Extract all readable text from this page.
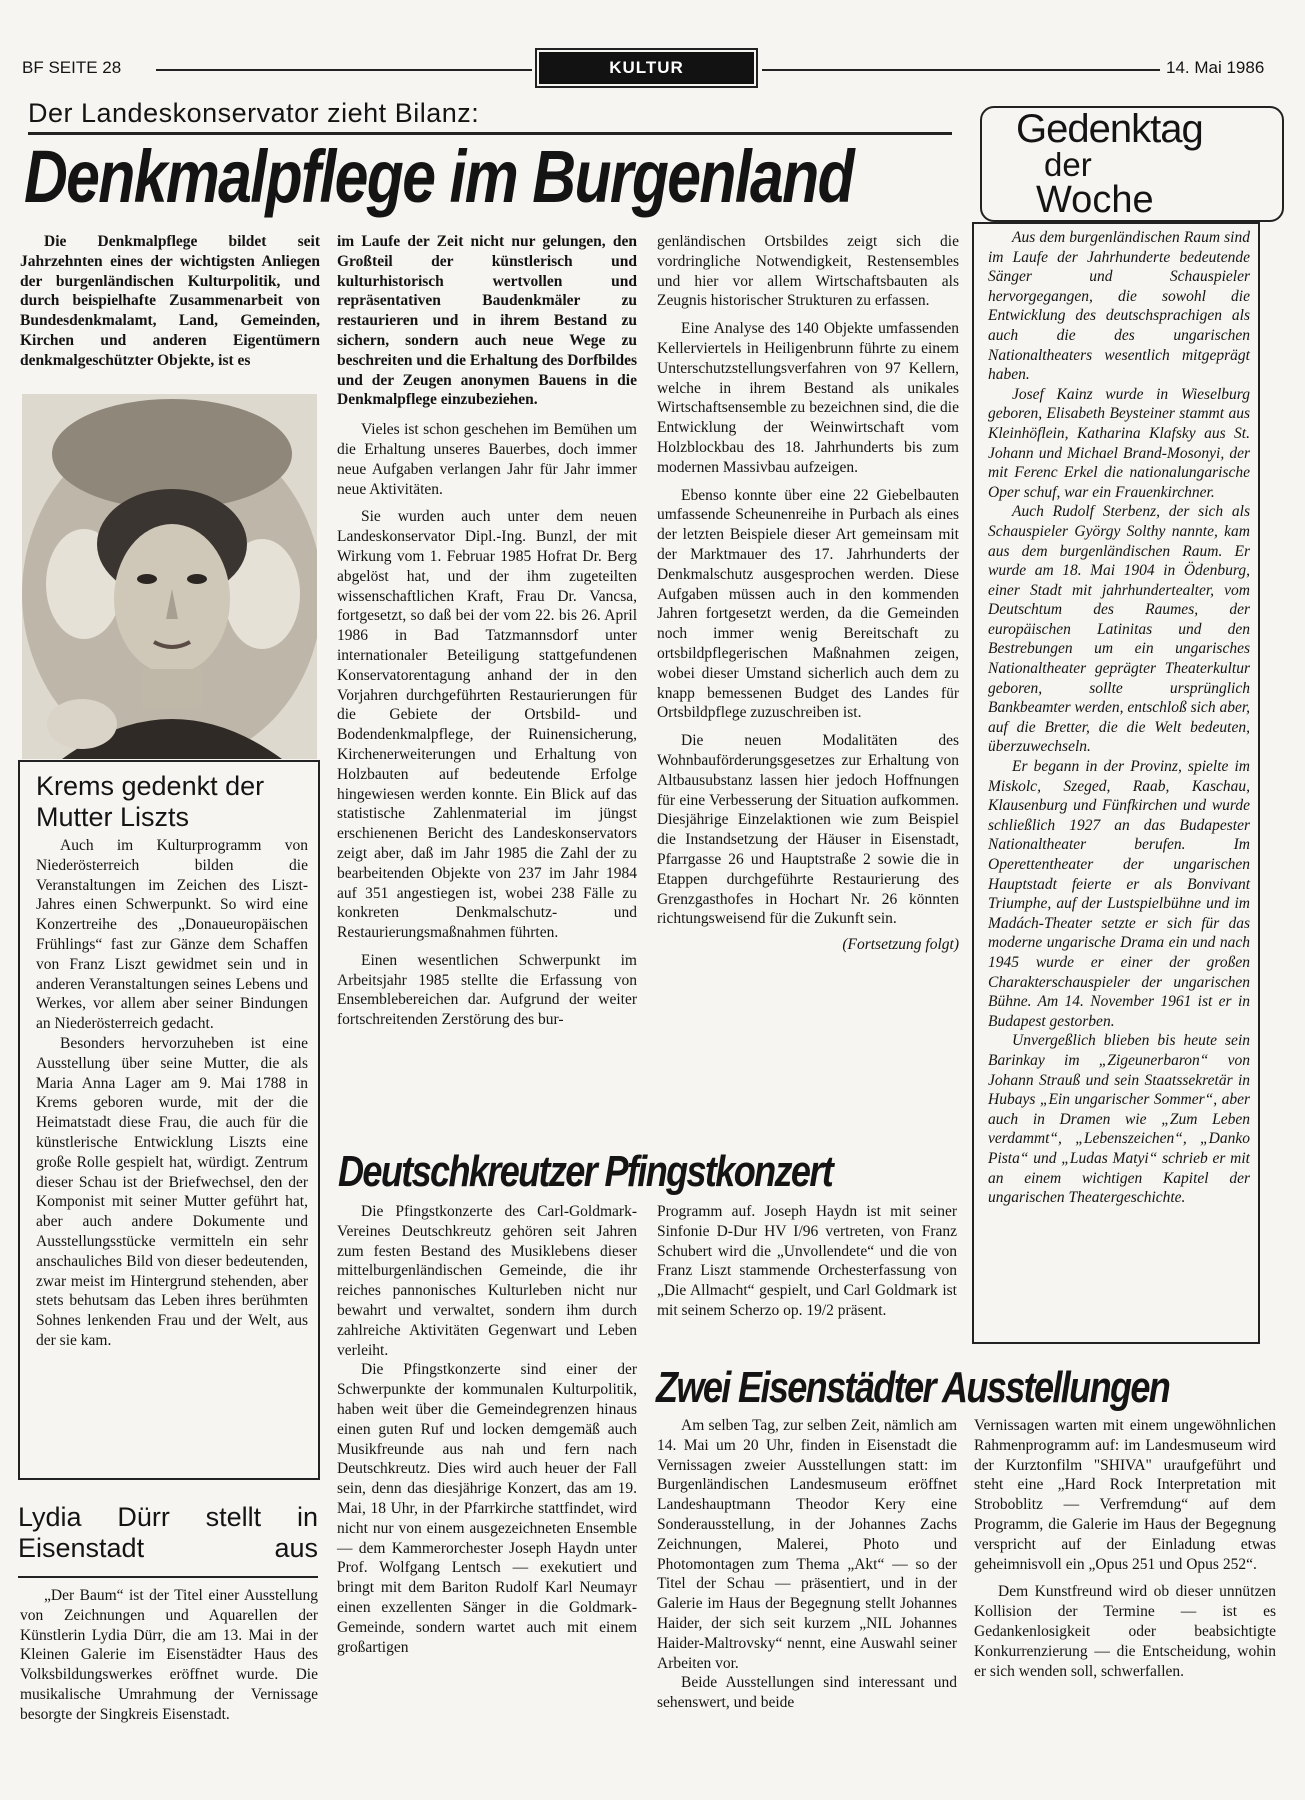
BF SEITE 28	KULTUR	14. Mai 1986
Der Landeskonservator zieht Bilanz:
Denkmalpflege im Burgenland

Die Denkmalpflege bildet seit Jahrzehnten eines der wichtigsten Anliegen der burgenländischen Kulturpolitik, und durch beispielhafte Zusammenarbeit von Bundesdenkmalamt, Land, Gemeinden, Kirchen und anderen Eigentümern denkmalgeschützter Objekte, ist es

Krems gedenkt der Mutter Liszts

Auch im Kulturprogramm von Niederösterreich bilden die Veranstaltungen im Zeichen des Liszt-Jahres einen Schwerpunkt. So wird eine Konzertreihe des „Donaueuropäischen Frühlings“ fast zur Gänze dem Schaffen von Franz Liszt gewidmet sein und in anderen Veranstaltungen seines Lebens und Werkes, vor allem aber seiner Bindungen an Niederösterreich gedacht.

Besonders hervorzuheben ist eine Ausstellung über seine Mutter, die als Maria Anna Lager am 9. Mai 1788 in Krems geboren wurde, mit der die Heimatstadt diese Frau, die auch für die künstlerische Entwicklung Liszts eine große Rolle gespielt hat, würdigt. Zentrum dieser Schau ist der Briefwechsel, den der Komponist mit seiner Mutter geführt hat, aber auch andere Dokumente und Ausstellungsstücke vermitteln ein sehr anschauliches Bild von dieser bedeutenden, zwar meist im Hintergrund stehenden, aber stets behutsam das Leben ihres berühmten Sohnes lenkenden Frau und der Welt, aus der sie kam.

Lydia Dürr stellt in Eisenstadt aus

„Der Baum“ ist der Titel einer Ausstellung von Zeichnungen und Aquarellen der Künstlerin Lydia Dürr, die am 13. Mai in der Kleinen Galerie im Eisenstädter Haus des Volksbildungswerkes eröffnet wurde. Die musikalische Umrahmung der Vernissage besorgte der Singkreis Eisenstadt.

im Laufe der Zeit nicht nur gelungen, den Großteil der künstlerisch und kulturhistorisch wertvollen und repräsentativen Baudenkmäler zu restaurieren und in ihrem Bestand zu sichern, sondern auch neue Wege zu beschreiten und die Erhaltung des Dorfbildes und der Zeugen anonymen Bauens in die Denkmalpflege einzubeziehen.

Vieles ist schon geschehen im Bemühen um die Erhaltung unseres Bauerbes, doch immer neue Aufgaben verlangen Jahr für Jahr immer neue Aktivitäten.

Sie wurden auch unter dem neuen Landeskonservator Dipl.-Ing. Bunzl, der mit Wirkung vom 1. Februar 1985 Hofrat Dr. Berg abgelöst hat, und der ihm zugeteilten wissenschaftlichen Kraft, Frau Dr. Vancsa, fortgesetzt, so daß bei der vom 22. bis 26. April 1986 in Bad Tatzmannsdorf unter internationaler Beteiligung stattgefundenen Konservatorentagung anhand der in den Vorjahren durchgeführten Restaurierungen für die Gebiete der Ortsbild- und Bodendenkmalpflege, der Ruinensicherung, Kirchenerweiterungen und Erhaltung von Holzbauten auf bedeutende Erfolge hingewiesen werden konnte. Ein Blick auf das statistische Zahlenmaterial im jüngst erschienenen Bericht des Landeskonservators zeigt aber, daß im Jahr 1985 die Zahl der zu bearbeitenden Objekte von 237 im Jahr 1984 auf 351 angestiegen ist, wobei 238 Fälle zu konkreten Denkmalschutz- und Restaurierungsmaßnahmen führten.

Einen wesentlichen Schwerpunkt im Arbeitsjahr 1985 stellte die Erfassung von Ensemblebereichen dar. Aufgrund der weiter fortschreitenden Zerstörung des bur-

genländischen Ortsbildes zeigt sich die vordringliche Notwendigkeit, Restensembles und hier vor allem Wirtschaftsbauten als Zeugnis historischer Strukturen zu erfassen.

Eine Analyse des 140 Objekte umfassenden Kellerviertels in Heiligenbrunn führte zu einem Unterschutzstellungsverfahren von 97 Kellern, welche in ihrem Bestand als unikales Wirtschaftsensemble zu bezeichnen sind, die die Entwicklung der Weinwirtschaft vom Holzblockbau des 18. Jahrhunderts bis zum modernen Massivbau aufzeigen.

Ebenso konnte über eine 22 Giebelbauten umfassende Scheunenreihe in Purbach als eines der letzten Beispiele dieser Art gemeinsam mit der Marktmauer des 17. Jahrhunderts der Denkmalschutz ausgesprochen werden. Diese Aufgaben müssen auch in den kommenden Jahren fortgesetzt werden, da die Gemeinden noch immer wenig Bereitschaft zu ortsbildpflegerischen Maßnahmen zeigen, wobei dieser Umstand sicherlich auch dem zu knapp bemessenen Budget des Landes für Ortsbildpflege zuzuschreiben ist.

Die neuen Modalitäten des Wohnbauförderungsgesetzes zur Erhaltung von Altbausubstanz lassen hier jedoch Hoffnungen für eine Verbesserung der Situation aufkommen. Diesjährige Einzelaktionen wie zum Beispiel die Instandsetzung der Häuser in Eisenstadt, Pfarrgasse 26 und Hauptstraße 2 sowie die in Etappen durchgeführte Restaurierung des Grenzgasthofes in Hochart Nr. 26 könnten richtungsweisend für die Zukunft sein.

(Fortsetzung folgt)
Gedenktag
der
Woche

Aus dem burgenländischen Raum sind im Laufe der Jahrhunderte bedeutende Sänger und Schauspieler hervorgegangen, die sowohl die Entwicklung des deutschsprachigen als auch die des ungarischen Nationaltheaters wesentlich mitgeprägt haben.

Josef Kainz wurde in Wieselburg geboren, Elisabeth Beysteiner stammt aus Kleinhöflein, Katharina Klafsky aus St. Johann und Michael Brand-Mosonyi, der mit Ferenc Erkel die nationalungarische Oper schuf, war ein Frauenkirchner.

Auch Rudolf Sterbenz, der sich als Schauspieler György Solthy nannte, kam aus dem burgenländischen Raum. Er wurde am 18. Mai 1904 in Ödenburg, einer Stadt mit jahrhundertealter, vom Deutschtum des Raumes, der europäischen Latinitas und den Bestrebungen um ein ungarisches Nationaltheater geprägter Theaterkultur geboren, sollte ursprünglich Bankbeamter werden, entschloß sich aber, auf die Bretter, die die Welt bedeuten, überzuwechseln.

Er begann in der Provinz, spielte im Miskolc, Szeged, Raab, Kaschau, Klausenburg und Fünfkirchen und wurde schließlich 1927 an das Budapester Nationaltheater berufen. Im Operettentheater der ungarischen Hauptstadt feierte er als Bonvivant Triumphe, auf der Lustspielbühne und im Madách-Theater setzte er sich für das moderne ungarische Drama ein und nach 1945 wurde er einer der großen Charakterschauspieler der ungarischen Bühne. Am 14. November 1961 ist er in Budapest gestorben.

Unvergeßlich blieben bis heute sein Barinkay im „Zigeunerbaron“ von Johann Strauß und sein Staatssekretär in Hubays „Ein ungarischer Sommer“, aber auch in Dramen wie „Zum Leben verdammt“, „Lebenszeichen“, „Danko Pista“ und „Ludas Matyi“ schrieb er mit an einem wichtigen Kapitel der ungarischen Theatergeschichte.

Deutschkreutzer Pfingstkonzert

Die Pfingstkonzerte des Carl-Goldmark-Vereines Deutschkreutz gehören seit Jahren zum festen Bestand des Musiklebens dieser mittelburgenländischen Gemeinde, die ihr reiches pannonisches Kulturleben nicht nur bewahrt und verwaltet, sondern ihm durch zahlreiche Aktivitäten Gegenwart und Leben verleiht.

Die Pfingstkonzerte sind einer der Schwerpunkte der kommunalen Kulturpolitik, haben weit über die Gemeindegrenzen hinaus einen guten Ruf und locken demgemäß auch Musikfreunde aus nah und fern nach Deutschkreutz. Dies wird auch heuer der Fall sein, denn das diesjährige Konzert, das am 19. Mai, 18 Uhr, in der Pfarrkirche stattfindet, wird nicht nur von einem ausgezeichneten Ensemble — dem Kammerorchester Joseph Haydn unter Prof. Wolfgang Lentsch — exekutiert und bringt mit dem Bariton Rudolf Karl Neumayr einen exzellenten Sänger in die Goldmark-Gemeinde, sondern wartet auch mit einem großartigen

Programm auf. Joseph Haydn ist mit seiner Sinfonie D-Dur HV I/96 vertreten, von Franz Schubert wird die „Unvollendete“ und die von Franz Liszt stammende Orchesterfassung von „Die Allmacht“ gespielt, und Carl Goldmark ist mit seinem Scherzo op. 19/2 präsent.

Zwei Eisenstädter Ausstellungen

Am selben Tag, zur selben Zeit, nämlich am 14. Mai um 20 Uhr, finden in Eisenstadt die Vernissagen zweier Ausstellungen statt: im Burgenländischen Landesmuseum eröffnet Landeshauptmann Theodor Kery eine Sonderausstellung, in der Johannes Zachs Zeichnungen, Malerei, Photo und Photomontagen zum Thema „Akt“ — so der Titel der Schau — präsentiert, und in der Galerie im Haus der Begegnung stellt Johannes Haider, der sich seit kurzem „NIL Johannes Haider-Maltrovsky“ nennt, eine Auswahl seiner Arbeiten vor.

Beide Ausstellungen sind interessant und sehenswert, und beide

Vernissagen warten mit einem ungewöhnlichen Rahmenprogramm auf: im Landesmuseum wird der Kurztonfilm "SHIVA" uraufgeführt und steht eine „Hard Rock Interpretation mit Stroboblitz — Verfremdung“ auf dem Programm, die Galerie im Haus der Begegnung verspricht auf der Einladung etwas geheimnisvoll ein „Opus 251 und Opus 252“.

Dem Kunstfreund wird ob dieser unnützen Kollision der Termine — ist es Gedankenlosigkeit oder beabsichtigte Konkurrenzierung — die Entscheidung, wohin er sich wenden soll, schwerfallen.
